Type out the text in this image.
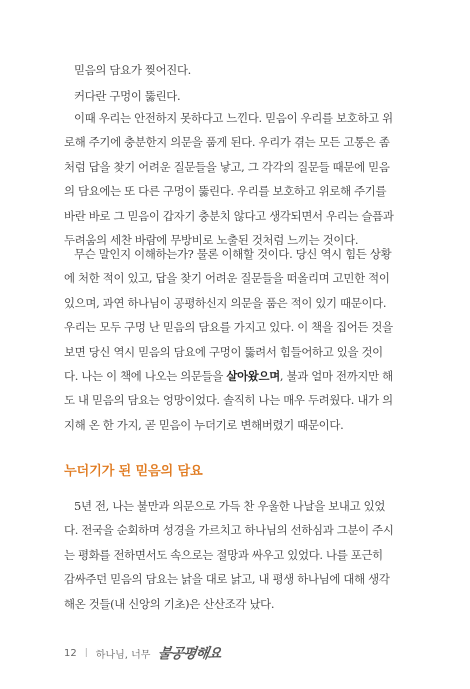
믿음의 담요가 찢어진다.

커다란 구멍이 뚫린다.

이때 우리는 안전하지 못하다고 느낀다. 믿음이 우리를 보호하고 위
로해 주기에 충분한지 의문을 품게 된다. 우리가 겪는 모든 고통은 좀
처럼 답을 찾기 어려운 질문들을 낳고, 그 각각의 질문들 때문에 믿음
의 담요에는 또 다른 구멍이 뚫린다. 우리를 보호하고 위로해 주기를
바란 바로 그 믿음이 갑자기 충분치 않다고 생각되면서 우리는 슬픔과
두려움의 세찬 바람에 무방비로 노출된 것처럼 느끼는 것이다.

무슨 말인지 이해하는가? 물론 이해할 것이다. 당신 역시 힘든 상황
에 처한 적이 있고, 답을 찾기 어려운 질문들을 떠올리며 고민한 적이
있으며, 과연 하나님이 공평하신지 의문을 품은 적이 있기 때문이다.
우리는 모두 구멍 난 믿음의 담요를 가지고 있다. 이 책을 집어든 것을
보면 당신 역시 믿음의 담요에 구멍이 뚫려서 힘들어하고 있을 것이
다. 나는 이 책에 나오는 의문들을 살아왔으며, 불과 얼마 전까지만 해
도 내 믿음의 담요는 엉망이었다. 솔직히 나는 매우 두려웠다. 내가 의
지해 온 한 가지, 곧 믿음이 누더기로 변해버렸기 때문이다.

누더기가 된 믿음의 담요

5년 전, 나는 불만과 의문으로 가득 찬 우울한 나날을 보내고 있었
다. 전국을 순회하며 성경을 가르치고 하나님의 선하심과 그분이 주시
는 평화를 전하면서도 속으로는 절망과 싸우고 있었다. 나를 포근히
감싸주던 믿음의 담요는 낡을 대로 낡고, 내 평생 하나님에 대해 생각
해온 것들(내 신앙의 기초)은 산산조각 났다.

12 | 하나님, 너무 불공평해요
